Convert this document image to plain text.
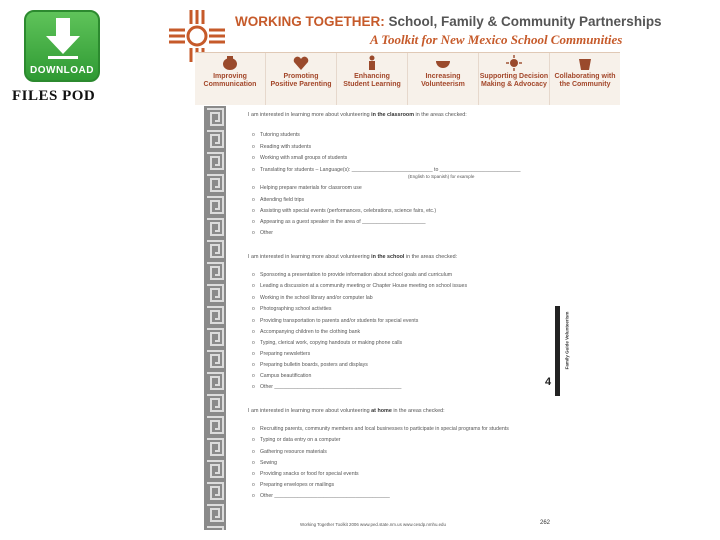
DOWNLOAD
FILES POD
WORKING TOGETHER: School, Family & Community Partnerships
A Toolkit for New Mexico School Communities
Improving
Communication
Promoting
Positive Parenting
Enhancing
Student Learning
Increasing
Volunteerism
Supporting Decision
Making & Advocacy
Collaborating with
the Community
I am interested in learning more about volunteering in the classroom in the areas checked:
o Tutoring students
o Reading with students
o Working with small groups of students
o Translating for students – Language(s): ____________________________ to ____________________________
(English to Spanish) for example
o Helping prepare materials for classroom use
o Attending field trips
o Assisting with special events (performances, celebrations, science fairs, etc.)
o Appearing as a guest speaker in the area of ______________________
o Other
I am interested in learning more about volunteering in the school in the areas checked:
o Sponsoring a presentation to provide information about school goals and curriculum
o Leading a discussion at a community meeting or Chapter House meeting on school issues
o Working in the school library and/or computer lab
o Photographing school activities
o Providing transportation to parents and/or students for special events
o Accompanying children to the clothing bank
o Typing, clerical work, copying handouts or making phone calls
o Preparing newsletters
o Preparing bulletin boards, posters and displays
o Campus beautification
o Other ____________________________________________
I am interested in learning more about volunteering at home in the areas checked:
o Recruiting parents, community members and local businesses to participate in special programs for students
o Typing or data entry on a computer
o Gathering resource materials
o Sewing
o Providing snacks or food for special events
o Preparing envelopes or mailings
o Other ________________________________________
Family Guide Volunteerism
4
Working Together Toolkit 2006 www.ped.state.nm.us www.cesdp.nmhu.edu	262
